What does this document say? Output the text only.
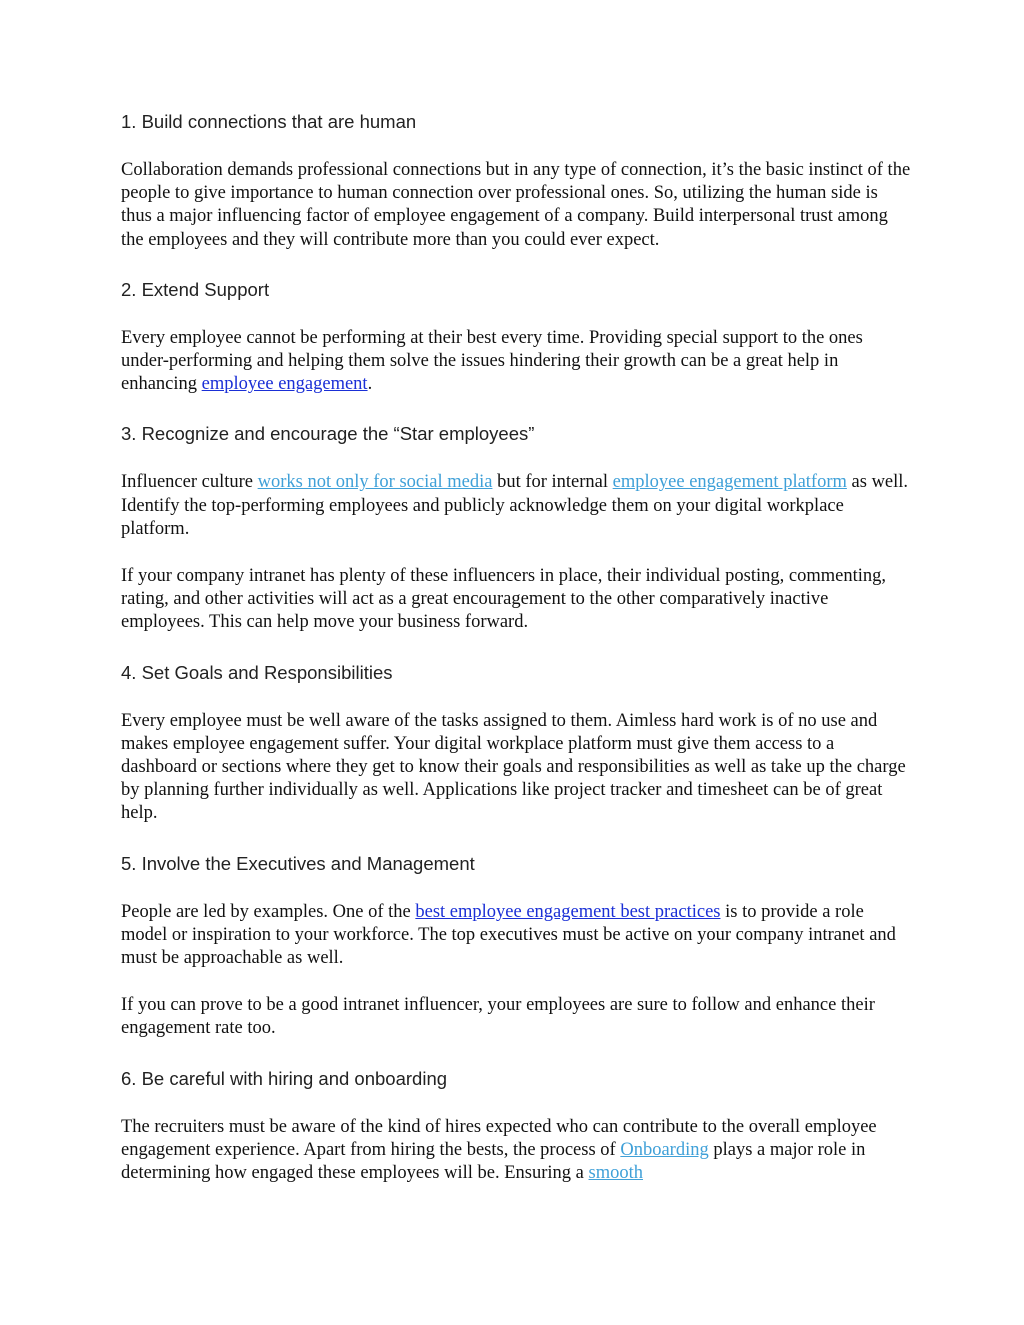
1. Build connections that are human

Collaboration demands professional connections but in any type of connection, it’s the basic instinct of the people to give importance to human connection over professional ones. So, utilizing the human side is thus a major influencing factor of employee engagement of a company. Build interpersonal trust among the employees and they will contribute more than you could ever expect.

2. Extend Support

Every employee cannot be performing at their best every time. Providing special support to the ones under-performing and helping them solve the issues hindering their growth can be a great help in enhancing employee engagement.

3. Recognize and encourage the “Star employees”

Influencer culture works not only for social media but for internal employee engagement platform as well. Identify the top-performing employees and publicly acknowledge them on your digital workplace platform.

If your company intranet has plenty of these influencers in place, their individual posting, commenting, rating, and other activities will act as a great encouragement to the other comparatively inactive employees. This can help move your business forward.

4. Set Goals and Responsibilities

Every employee must be well aware of the tasks assigned to them. Aimless hard work is of no use and makes employee engagement suffer. Your digital workplace platform must give them access to a dashboard or sections where they get to know their goals and responsibilities as well as take up the charge by planning further individually as well. Applications like project tracker and timesheet can be of great help.

5. Involve the Executives and Management

People are led by examples. One of the best employee engagement best practices is to provide a role model or inspiration to your workforce. The top executives must be active on your company intranet and must be approachable as well.

If you can prove to be a good intranet influencer, your employees are sure to follow and enhance their engagement rate too.

6. Be careful with hiring and onboarding

The recruiters must be aware of the kind of hires expected who can contribute to the overall employee engagement experience. Apart from hiring the bests, the process of Onboarding plays a major role in determining how engaged these employees will be. Ensuring a smooth
